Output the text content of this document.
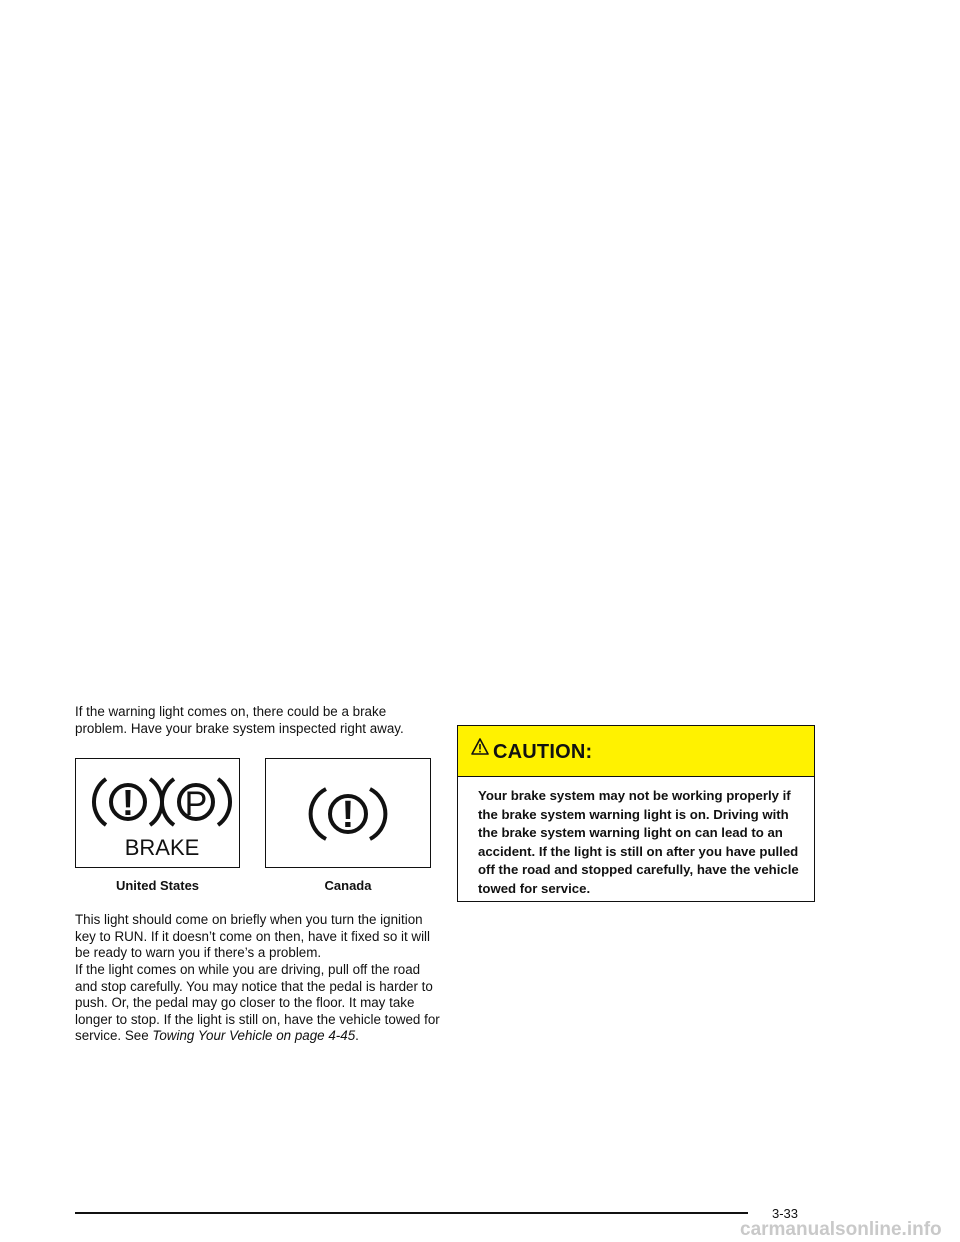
If the warning light comes on, there could be a brake problem. Have your brake system inspected right away.

! P
BRAKE
United States
!
Canada

This light should come on briefly when you turn the ignition key to RUN. If it doesn’t come on then, have it fixed so it will be ready to warn you if there’s a problem.

If the light comes on while you are driving, pull off the road and stop carefully. You may notice that the pedal is harder to push. Or, the pedal may go closer to the floor. It may take longer to stop. If the light is still on, have the vehicle towed for service. See Towing Your Vehicle on page 4-45.

CAUTION:
Your brake system may not be working properly if the brake system warning light is on. Driving with the brake system warning light on can lead to an accident. If the light is still on after you have pulled off the road and stopped carefully, have the vehicle towed for service.
3-33
carmanualsonline.info
